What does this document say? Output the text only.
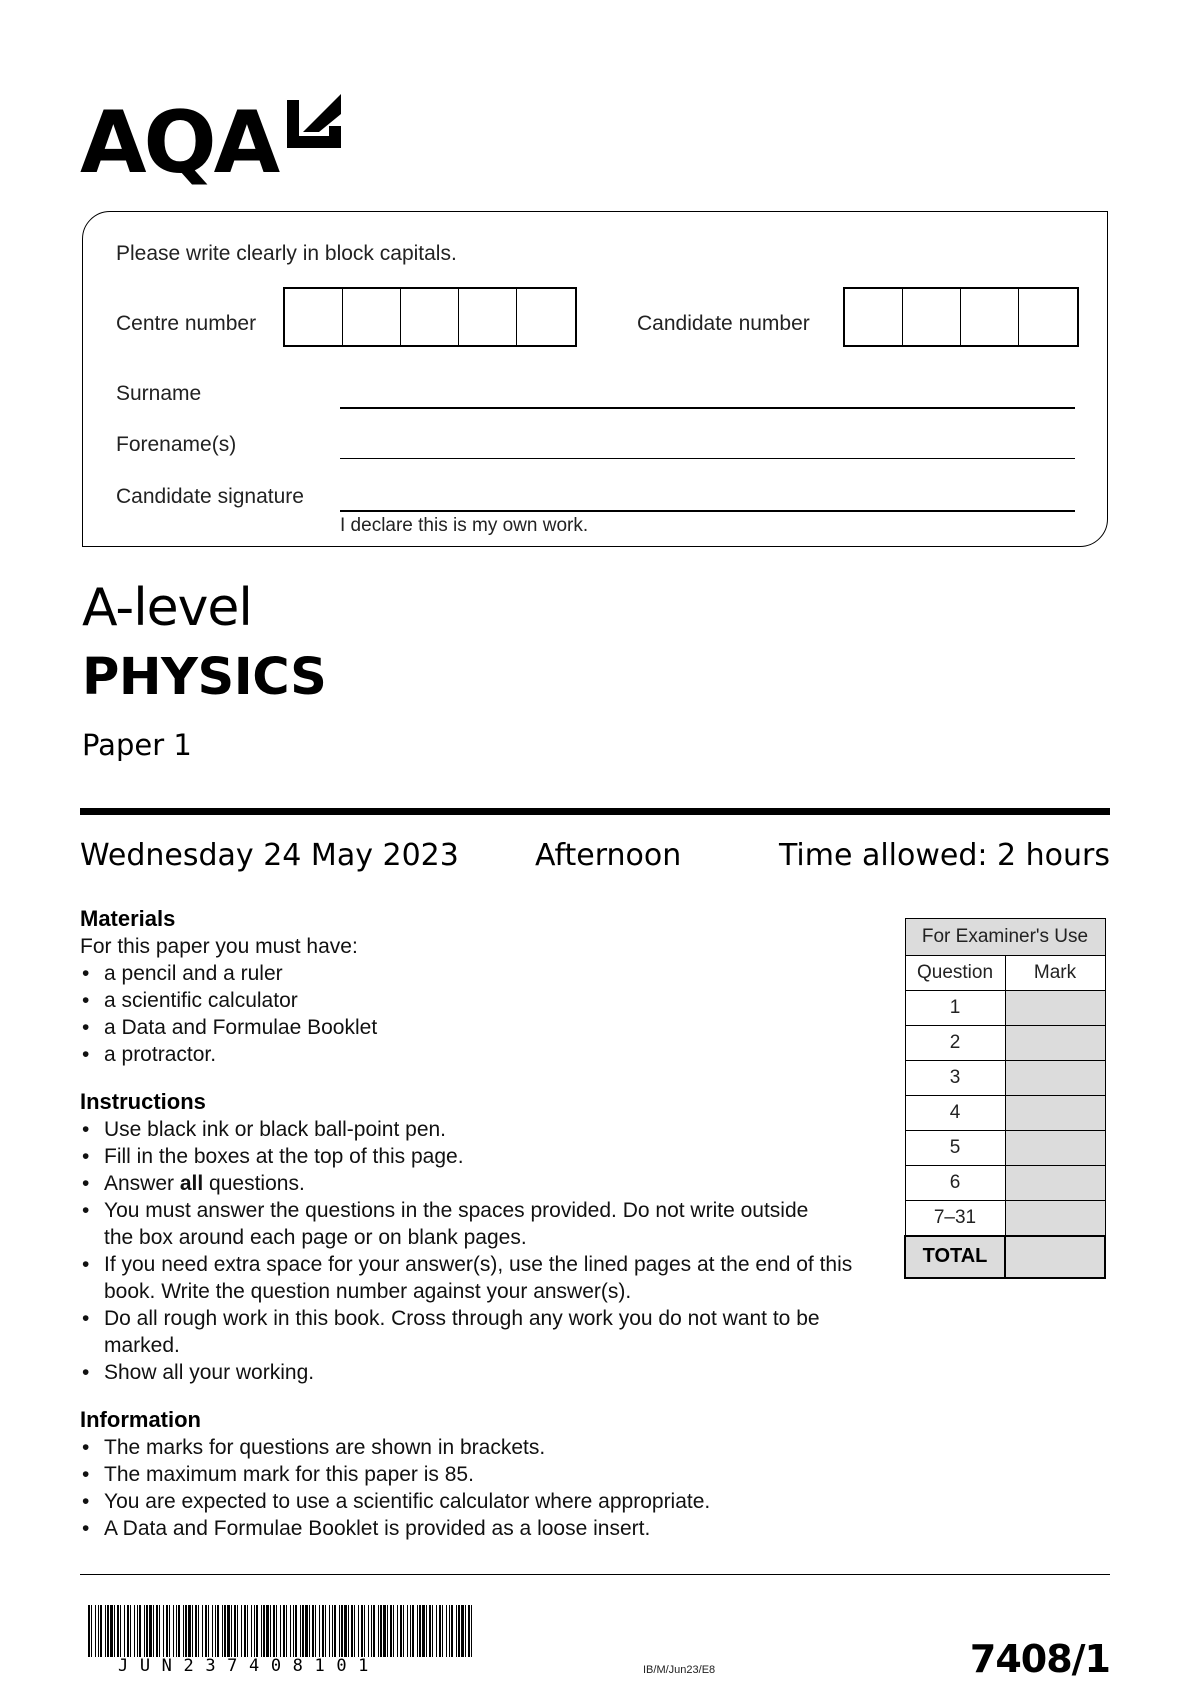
AQA
Please write clearly in block capitals.
Centre number	Candidate number
Surname
Forename(s)
Candidate signature
I declare this is my own work.
A-level
PHYSICS
Paper 1
Wednesday 24 May 2023	Afternoon	Time allowed: 2 hours
Materials

For this paper you must have:

• a pencil and a ruler
• a scientific calculator
• a Data and Formulae Booklet
• a protractor.
Instructions
• Use black ink or black ball-point pen.
• Fill in the boxes at the top of this page.
• Answer all questions.
• You must answer the questions in the spaces provided. Do not write outside the box around each page or on blank pages.
• If you need extra space for your answer(s), use the lined pages at the end of this book. Write the question number against your answer(s).
• Do all rough work in this book. Cross through any work you do not want to be marked.
• Show all your working.
Information
• The marks for questions are shown in brackets.
• The maximum mark for this paper is 85.
• You are expected to use a scientific calculator where appropriate.
• A Data and Formulae Booklet is provided as a loose insert.
For Examiner's Use	
Question	Mark
1	
2	
3	
4	
5	
6	
7–31	
TOTAL	
JUN237408101	IB/M/Jun23/E8	7408/1
